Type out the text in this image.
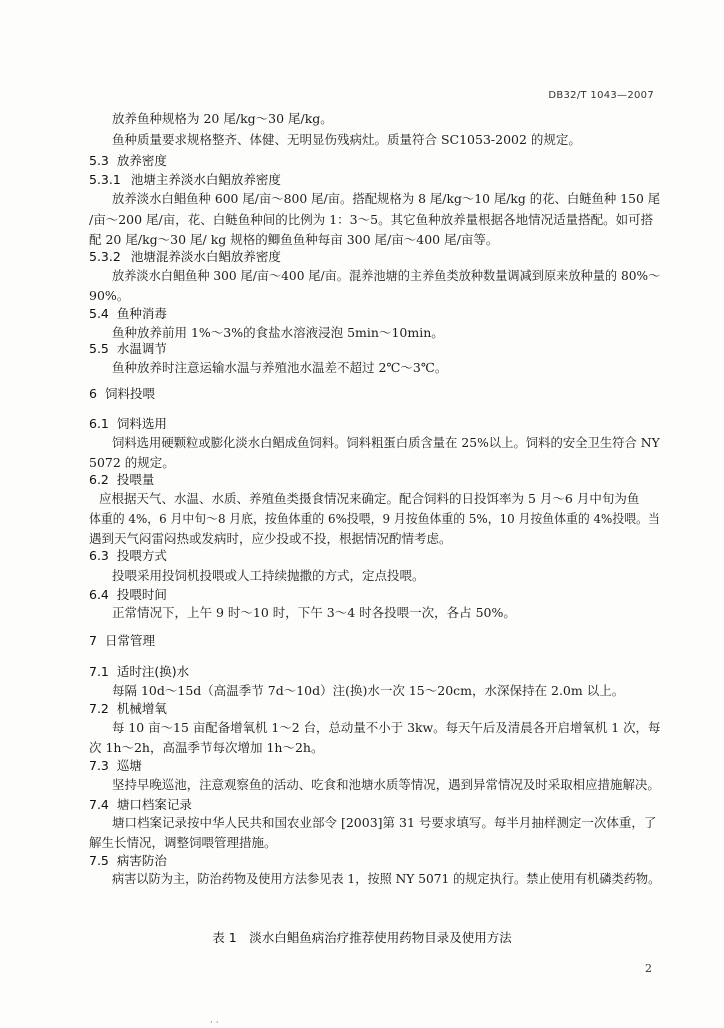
DB32/T 1043—2007
放养鱼种规格为 20 尾/kg～30 尾/kg。
鱼种质量要求规格整齐、体健、无明显伤残病灶。质量符合 SC1053-2002 的规定。
5.3 放养密度
5.3.1 池塘主养淡水白鲳放养密度
放养淡水白鲳鱼种 600 尾/亩～800 尾/亩。搭配规格为 8 尾/kg～10 尾/kg 的花、白鲢鱼种 150 尾
/亩～200 尾/亩，花、白鲢鱼种间的比例为 1：3～5。其它鱼种放养量根据各地情况适量搭配。如可搭
配 20 尾/kg～30 尾/ kg 规格的鲫鱼鱼种每亩 300 尾/亩～400 尾/亩等。
5.3.2 池塘混养淡水白鲳放养密度
放养淡水白鲳鱼种 300 尾/亩～400 尾/亩。混养池塘的主养鱼类放种数量调减到原来放种量的 80%～
90%。
5.4 鱼种消毒
鱼种放养前用 1%～3%的食盐水溶液浸泡 5min～10min。
5.5 水温调节
鱼种放养时注意运输水温与养殖池水温差不超过 2℃～3℃。
6 饲料投喂
6.1 饲料选用
饲料选用硬颗粒或膨化淡水白鲳成鱼饲料。饲料粗蛋白质含量在 25%以上。饲料的安全卫生符合 NY
5072 的规定。
6.2 投喂量
应根据天气、水温、水质、养殖鱼类摄食情况来确定。配合饲料的日投饵率为 5 月～6 月中旬为鱼
体重的 4%，6 月中旬～8 月底，按鱼体重的 6%投喂，9 月按鱼体重的 5%，10 月按鱼体重的 4%投喂。当
遇到天气闷雷闷热或发病时，应少投或不投，根据情况酌情考虑。
6.3 投喂方式
投喂采用投饲机投喂或人工持续抛撒的方式，定点投喂。
6.4 投喂时间
正常情况下，上午 9 时～10 时，下午 3～4 时各投喂一次，各占 50%。
7 日常管理
7.1 适时注(换)水
每隔 10d～15d（高温季节 7d～10d）注(换)水一次 15～20cm，水深保持在 2.0m 以上。
7.2 机械增氧
每 10 亩～15 亩配备增氧机 1～2 台，总动量不小于 3kw。每天午后及清晨各开启增氧机 1 次，每
次 1h～2h，高温季节每次增加 1h～2h。
7.3 巡塘
坚持早晚巡池，注意观察鱼的活动、吃食和池塘水质等情况，遇到异常情况及时采取相应措施解决。
7.4 塘口档案记录
塘口档案记录按中华人民共和国农业部令 [2003]第 31 号要求填写。每半月抽样测定一次体重，了
解生长情况，调整饲喂管理措施。
7.5 病害防治
病害以防为主，防治药物及使用方法参见表 1，按照 NY 5071 的规定执行。禁止使用有机磷类药物。
表 1　淡水白鲳鱼病治疗推荐使用药物目录及使用方法
2
· ·
